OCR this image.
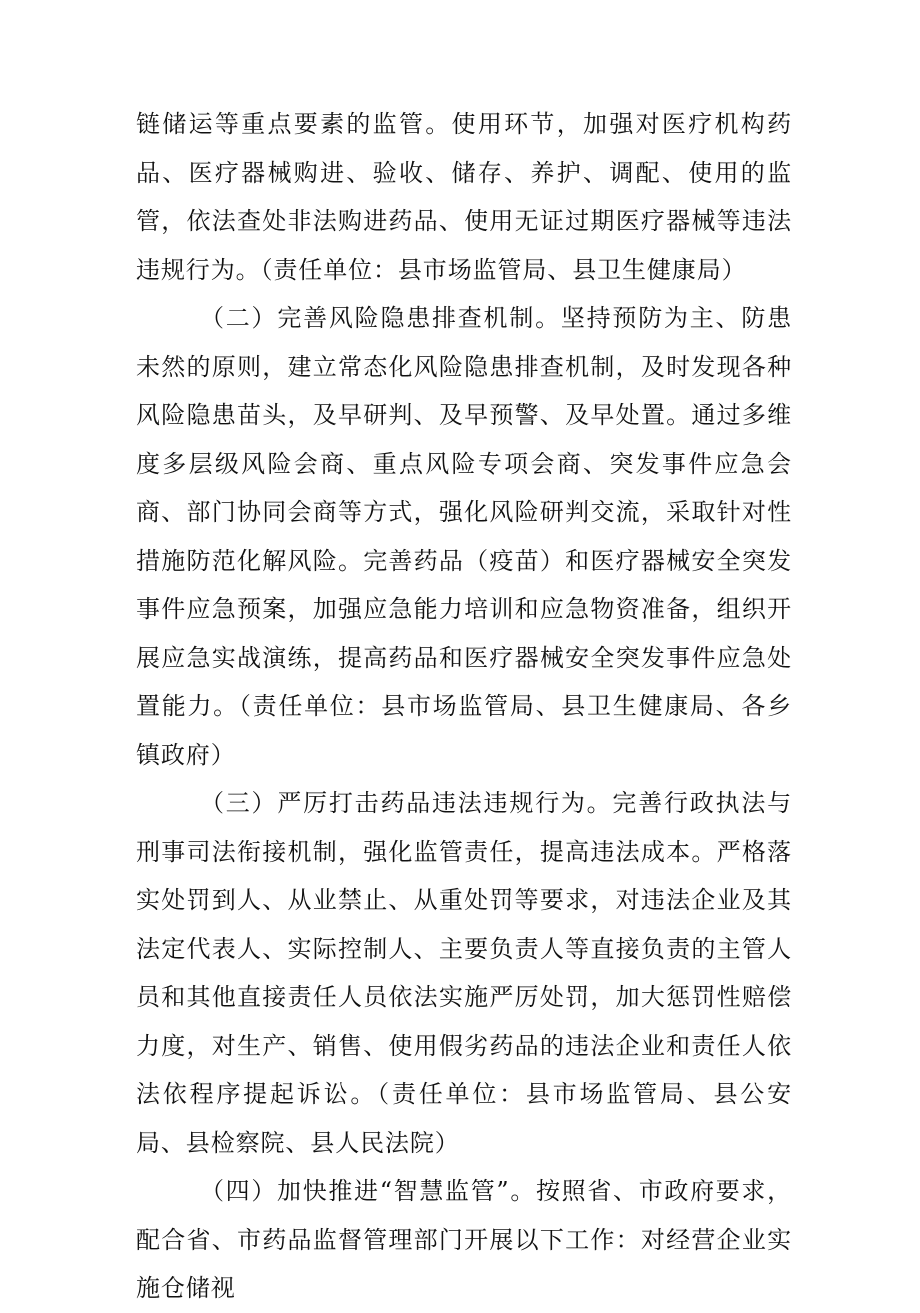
链储运等重点要素的监管。使用环节，加强对医疗机构药品、医疗器械购进、验收、储存、养护、调配、使用的监管，依法查处非法购进药品、使用无证过期医疗器械等违法违规行为。（责任单位：县市场监管局、县卫生健康局）

（二）完善风险隐患排查机制。坚持预防为主、防患未然的原则，建立常态化风险隐患排查机制，及时发现各种风险隐患苗头，及早研判、及早预警、及早处置。通过多维度多层级风险会商、重点风险专项会商、突发事件应急会商、部门协同会商等方式，强化风险研判交流，采取针对性措施防范化解风险。完善药品（疫苗）和医疗器械安全突发事件应急预案，加强应急能力培训和应急物资准备，组织开展应急实战演练，提高药品和医疗器械安全突发事件应急处置能力。（责任单位：县市场监管局、县卫生健康局、各乡镇政府）

（三）严厉打击药品违法违规行为。完善行政执法与刑事司法衔接机制，强化监管责任，提高违法成本。严格落实处罚到人、从业禁止、从重处罚等要求，对违法企业及其法定代表人、实际控制人、主要负责人等直接负责的主管人员和其他直接责任人员依法实施严厉处罚，加大惩罚性赔偿力度，对生产、销售、使用假劣药品的违法企业和责任人依法依程序提起诉讼。（责任单位：县市场监管局、县公安局、县检察院、县人民法院）

（四）加快推进“智慧监管”。按照省、市政府要求，配合省、市药品监督管理部门开展以下工作：对经营企业实施仓储视
